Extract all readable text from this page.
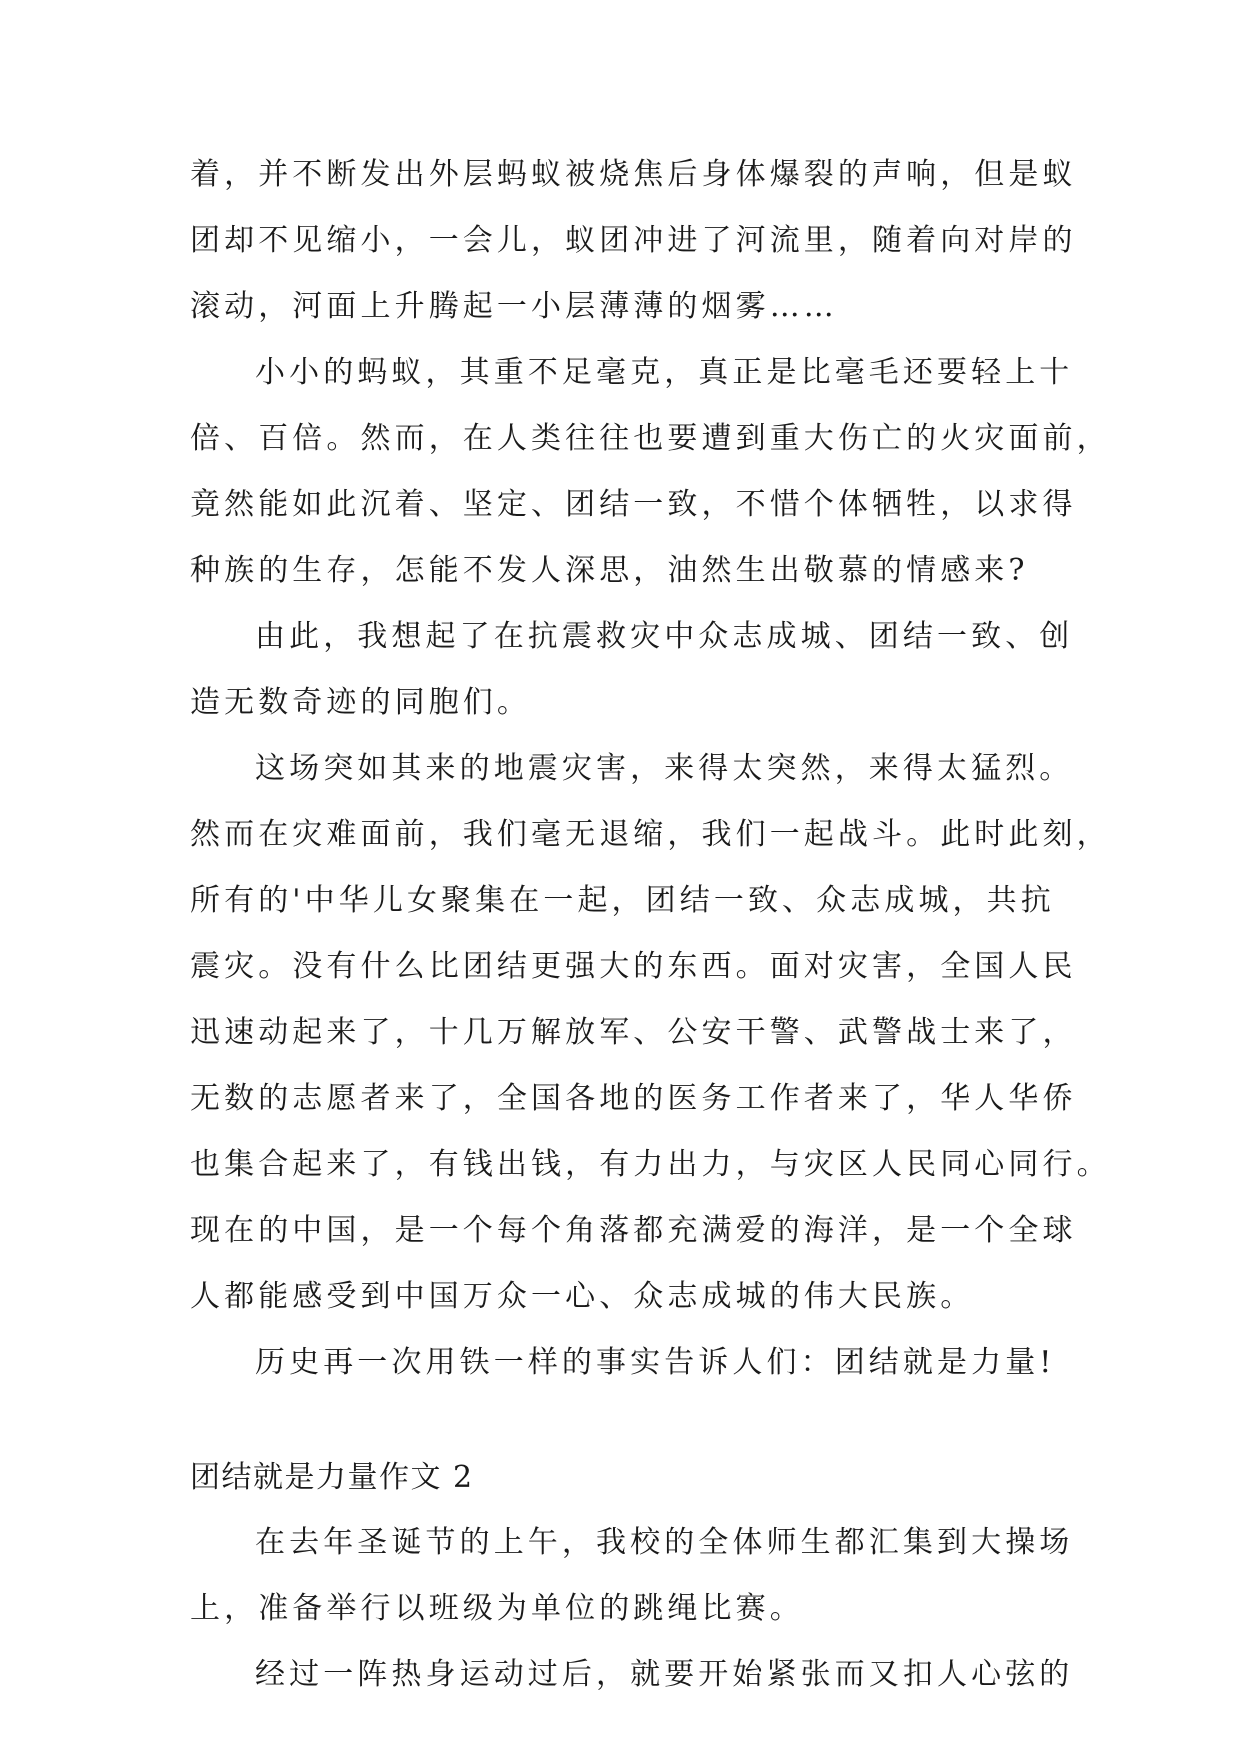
着，并不断发出外层蚂蚁被烧焦后身体爆裂的声响，但是蚁
团却不见缩小，一会儿，蚁团冲进了河流里，随着向对岸的
滚动，河面上升腾起一小层薄薄的烟雾……
小小的蚂蚁，其重不足毫克，真正是比毫毛还要轻上十
倍、百倍。然而，在人类往往也要遭到重大伤亡的火灾面前，
竟然能如此沉着、坚定、团结一致，不惜个体牺牲，以求得
种族的生存，怎能不发人深思，油然生出敬慕的情感来?
由此，我想起了在抗震救灾中众志成城、团结一致、创
造无数奇迹的同胞们。
这场突如其来的地震灾害，来得太突然，来得太猛烈。
然而在灾难面前，我们毫无退缩，我们一起战斗。此时此刻，
所有的'中华儿女聚集在一起，团结一致、众志成城，共抗
震灾。没有什么比团结更强大的东西。面对灾害，全国人民
迅速动起来了，十几万解放军、公安干警、武警战士来了，
无数的志愿者来了，全国各地的医务工作者来了，华人华侨
也集合起来了，有钱出钱，有力出力，与灾区人民同心同行。
现在的中国，是一个每个角落都充满爱的海洋，是一个全球
人都能感受到中国万众一心、众志成城的伟大民族。
历史再一次用铁一样的事实告诉人们：团结就是力量!
团结就是力量作文 2
在去年圣诞节的上午，我校的全体师生都汇集到大操场
上，准备举行以班级为单位的跳绳比赛。
经过一阵热身运动过后，就要开始紧张而又扣人心弦的
